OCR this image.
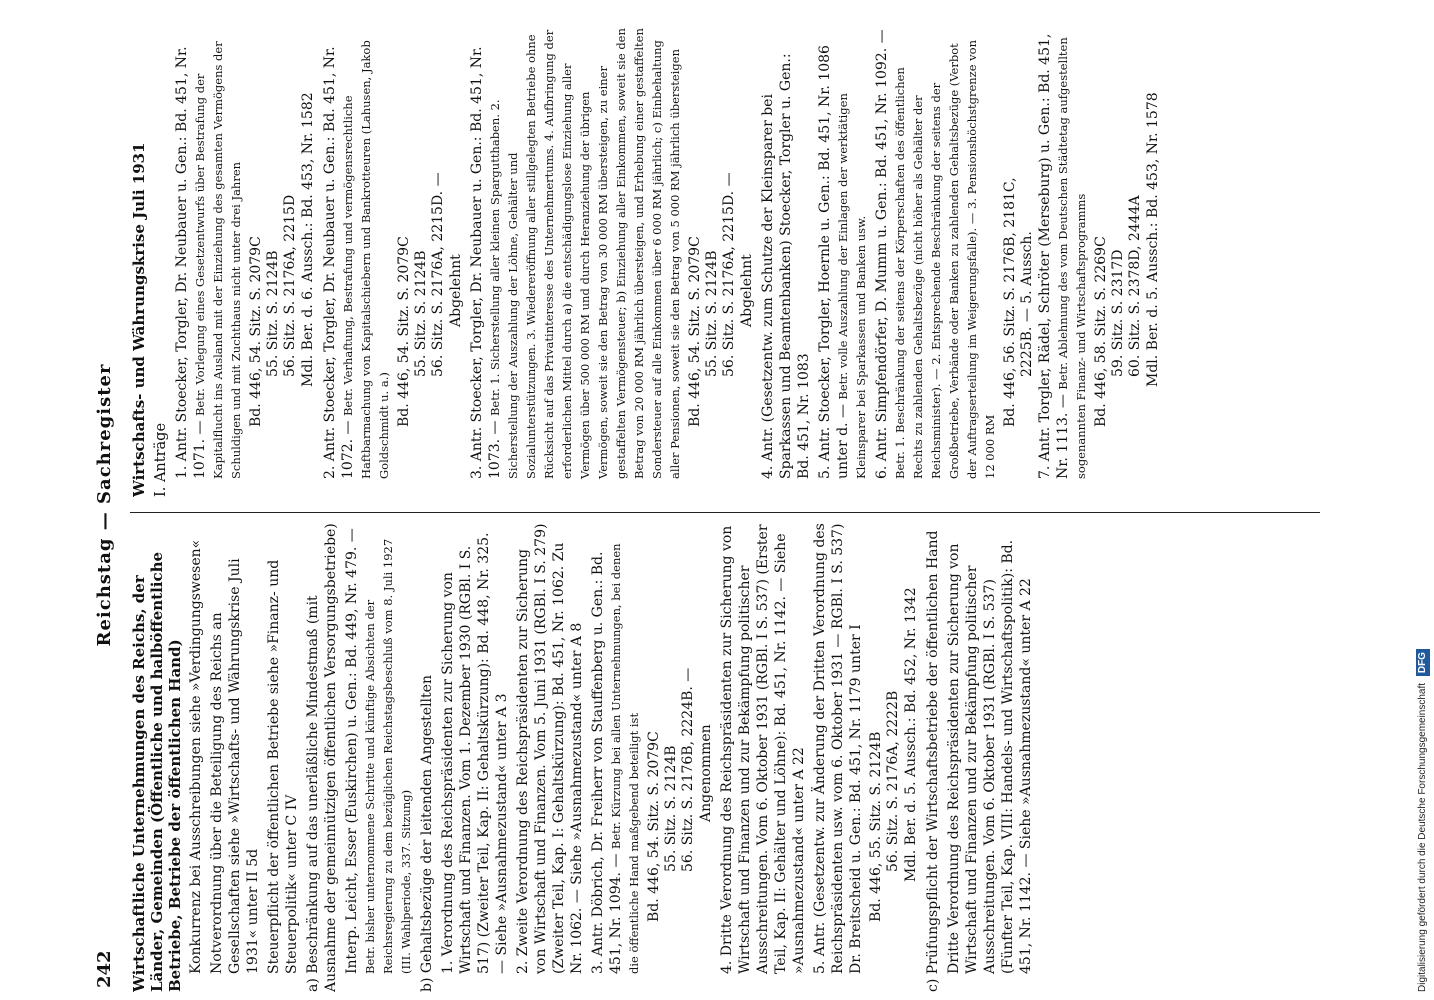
242
Reichstag — Sachregister
Wirtschaftliche Unternehmungen des Reichs, der Länder, Gemeinden (Öffentliche und halböffentliche Betriebe, Betriebe der öffentlichen Hand) Konkurrenz bei Ausschreibungen siehe »Verdingungswesen« Notverordnung über die Beteiligung des Reichs an Gesellschaften siehe »Wirtschafts- und Währungskrise Juli 1931« unter II 5d Steuerpflicht der öffentlichen Betriebe siehe »Finanz- und Steuerpolitik« unter C IV a) Beschränkung auf das unerläßliche Mindestmaß (mit Ausnahme der gemeinnützigen öffentlichen Versorgungsbetriebe) Interp. Leicht, Esser (Euskirchen) u. Gen.: Bd. 449, Nr. 479. — Betr. bisher unternommene Schritte und künftige Absichten der Reichsregierung zu dem bezüglichen Reichstagsbeschluß vom 8. Juli 1927 (III. Wahlperiode, 337. Sitzung) b) Gehaltsbezüge der leitenden Angestellten 1. Verordnung des Reichspräsidenten zur Sicherung von Wirtschaft und Finanzen. Vom 1. Dezember 1930 (RGBl. I S. 517) (Zweiter Teil, Kap. II: Gehaltskürzung): Bd. 448, Nr. 325. — Siehe »Ausnahmezustand« unter A 3 2. Zweite Verordnung des Reichspräsidenten zur Sicherung von Wirtschaft und Finanzen. Vom 5. Juni 1931 (RGBl. I S. 279) (Zweiter Teil, Kap. I: Gehaltskürzung): Bd. 451, Nr. 1062. Zu Nr. 1062. — Siehe »Ausnahmezustand« unter A 8 3. Antr. Döbrich, Dr. Freiherr von Stauffenberg u. Gen.: Bd. 451, Nr. 1094. — Betr. Kürzung bei allen Unternehmungen, bei denen die öffentliche Hand maßgebend beteiligt ist Bd. 446, 54. Sitz. S. 2079C 55. Sitz. S. 2124B 56. Sitz. S. 2176B, 2224B. — Angenommen 4. Dritte Verordnung des Reichspräsidenten zur Sicherung von Wirtschaft und Finanzen und zur Bekämpfung politischer Ausschreitungen. Vom 6. Oktober 1931 (RGBl. I S. 537) (Erster Teil, Kap. II: Gehälter und Löhne): Bd. 451, Nr. 1142. — Siehe »Ausnahmezustand« unter A 22 5. Antr. (Gesetzentw. zur Änderung der Dritten Verordnung des Reichspräsidenten usw. vom 6. Oktober 1931 — RGBl. I S. 537) Dr. Breitscheid u. Gen.: Bd. 451, Nr. 1179 unter I Bd. 446, 55. Sitz. S. 2124B 56. Sitz. S. 2176A, 2222B Mdl. Ber. d. 5. Aussch.: Bd. 452, Nr. 1342 c) Prüfungspflicht der Wirtschaftsbetriebe der öffentlichen Hand Dritte Verordnung des Reichspräsidenten zur Sicherung von Wirtschaft und Finanzen und zur Bekämpfung politischer Ausschreitungen. Vom 6. Oktober 1931 (RGBl. I S. 537) (Fünfter Teil, Kap. VIII: Handels- und Wirtschaftspolitik): Bd. 451, Nr. 1142. — Siehe »Ausnahmezustand« unter A 22
Wirtschafts- und Währungskrise Juli 1931 I. Anträge 1. Antr. Stoecker, Torgler, Dr. Neubauer u. Gen.: Bd. 451, Nr. 1071. — Betr. Vorlegung eines Gesetzentwurfs über Bestrafung der Kapitalflucht ins Ausland mit der Einziehung des gesamten Vermögens der Schuldigen und mit Zuchthaus nicht unter drei Jahren Bd. 446, 54. Sitz. S. 2079C 55. Sitz. S. 2124B 56. Sitz. S. 2176A, 2215D Mdl. Ber. d. 6. Aussch.: Bd. 453, Nr. 1582 2. Antr. Stoecker, Torgler, Dr. Neubauer u. Gen.: Bd. 451, Nr. 1072. — Betr. Verhaftung, Bestrafung und vermögensrechtliche Haftbarmachung von Kapitalschiebern und Bankrotteuren (Lahusen, Jakob Goldschmidt u. a.) Bd. 446, 54. Sitz. S. 2079C 55. Sitz. S. 2124B 56. Sitz. S. 2176A, 2215D. — Abgelehnt 3. Antr. Stoecker, Torgler, Dr. Neubauer u. Gen.: Bd. 451, Nr. 1073. — Betr. 1. Sicherstellung aller kleinen Spargutthaben. 2. Sicherstellung der Auszahlung der Löhne, Gehälter und Sozialunterstützungen. 3. Wiedereröffnung aller stillgelegten Betriebe ohne Rücksicht auf das Privatinteresse des Unternehmertums. 4. Aufbringung der erforderlichen Mittel durch a) die entschädigungslose Einziehung aller Vermögen über 500 000 RM und durch Heranziehung der übrigen Vermögen, soweit sie den Betrag von 30 000 RM übersteigen, zu einer gestaffelten Vermögensteuer; b) Einziehung aller Einkommen, soweit sie den Betrag von 20 000 RM jährlich übersteigen, und Erhebung einer gestaffelten Sondersteuer auf alle Einkommen über 6 000 RM jährlich; c) Einbehaltung aller Pensionen, soweit sie den Betrag von 5 000 RM jährlich übersteigen Bd. 446, 54. Sitz. S. 2079C 55. Sitz. S. 2124B 56. Sitz. S. 2176A, 2215D. — Abgelehnt 4. Antr. (Gesetzentw. zum Schutze der Kleinsparer bei Sparkassen und Beamtenbanken) Stoecker, Torgler u. Gen.: Bd. 451, Nr. 1083 5. Antr. Stoecker, Torgler, Hoernle u. Gen.: Bd. 451, Nr. 1086 unter d. — Betr. volle Auszahlung der Einlagen der werktätigen Kleinsparer bei Sparkassen und Banken usw. 6. Antr. Simpfendörfer, D. Mumm u. Gen.: Bd. 451, Nr. 1092. — Betr. 1. Beschränkung der seitens der Körperschaften des öffentlichen Rechts zu zahlenden Gehaltsbezüge (nicht höher als Gehälter der Reichsminister). — 2. Entsprechende Beschränkung der seitens der Großbetriebe, Verbände oder Banken zu zahlenden Gehaltsbezüge (Verbot der Auftragserteilung im Weigerungsfalle). — 3. Pensionshöchstgrenze von 12 000 RM
Bd. 446, 56. Sitz. S. 2176B, 2181C, 2225B. — 5. Aussch. 7. Antr. Torgler, Rädel, Schröter (Merseburg) u. Gen.: Bd. 451, Nr. 1113. — Betr. Ablehnung des vom Deutschen Städtetag aufgestellten sogenannten Finanz- und Wirtschaftsprogramms Bd. 446, 58. Sitz. S. 2269C 59. Sitz. S. 2317D 60. Sitz. S. 2378D, 2444A Mdl. Ber. d. 5. Aussch.: Bd. 453, Nr. 1578
Digitalisierung gefördert durch die Deutsche Forschungsgemeinschaft DFG
